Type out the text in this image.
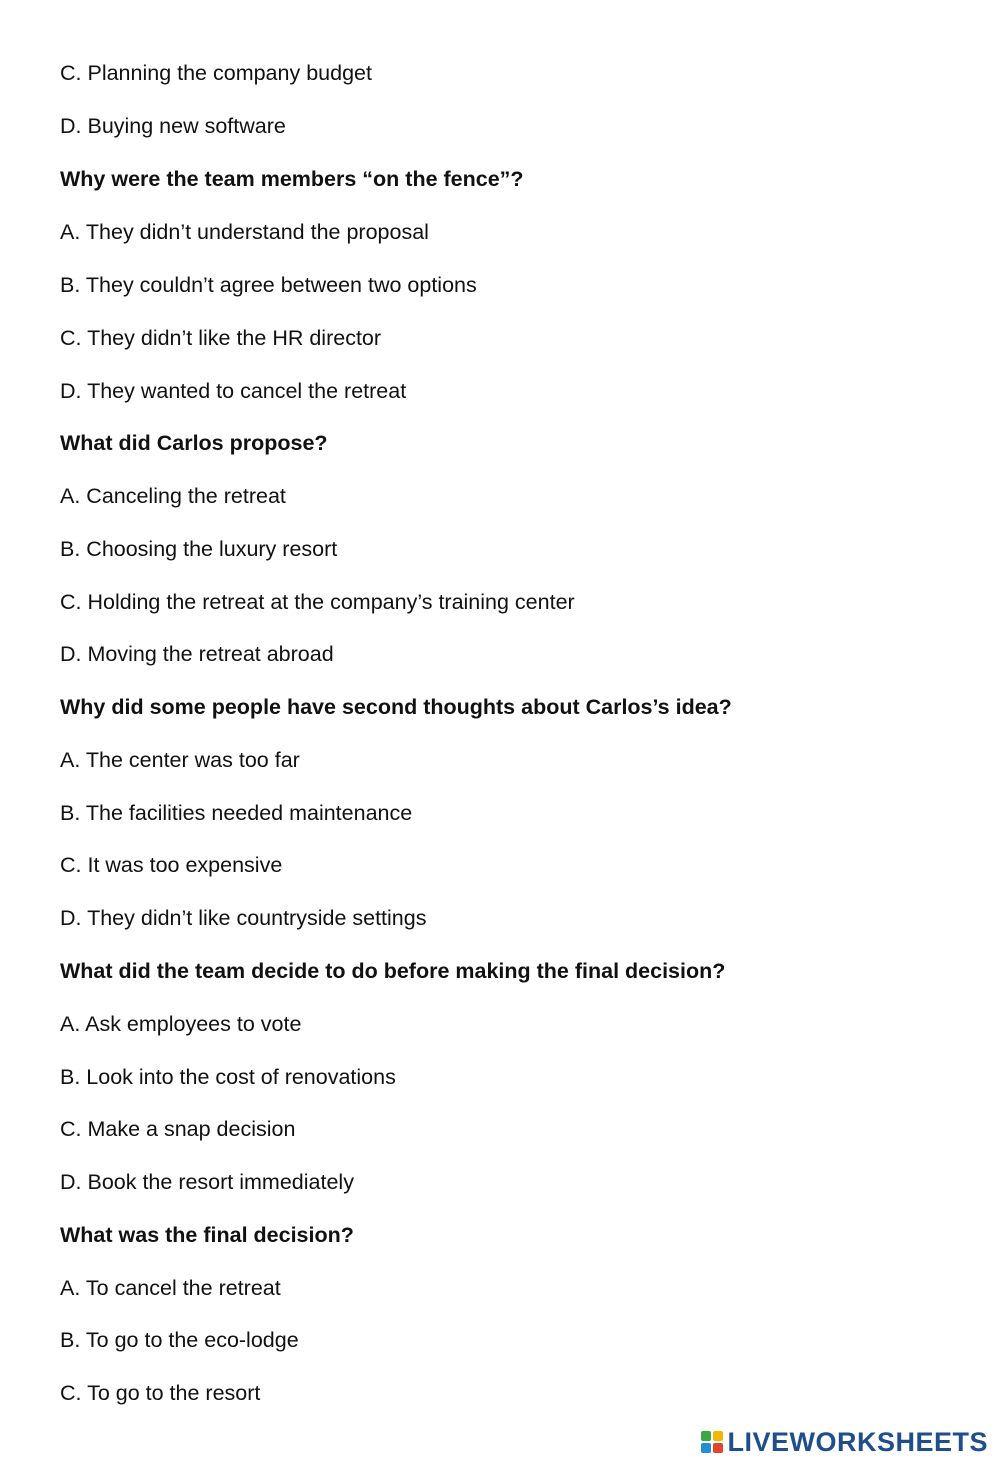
C. Planning the company budget

D. Buying new software

Why were the team members “on the fence”?

A. They didn’t understand the proposal

B. They couldn’t agree between two options

C. They didn’t like the HR director

D. They wanted to cancel the retreat

What did Carlos propose?

A. Canceling the retreat

B. Choosing the luxury resort

C. Holding the retreat at the company’s training center

D. Moving the retreat abroad

Why did some people have second thoughts about Carlos’s idea?

A. The center was too far

B. The facilities needed maintenance

C. It was too expensive

D. They didn’t like countryside settings

What did the team decide to do before making the final decision?

A. Ask employees to vote

B. Look into the cost of renovations

C. Make a snap decision

D. Book the resort immediately

What was the final decision?

A. To cancel the retreat

B. To go to the eco-lodge

C. To go to the resort

LIVEWORKSHEETS
